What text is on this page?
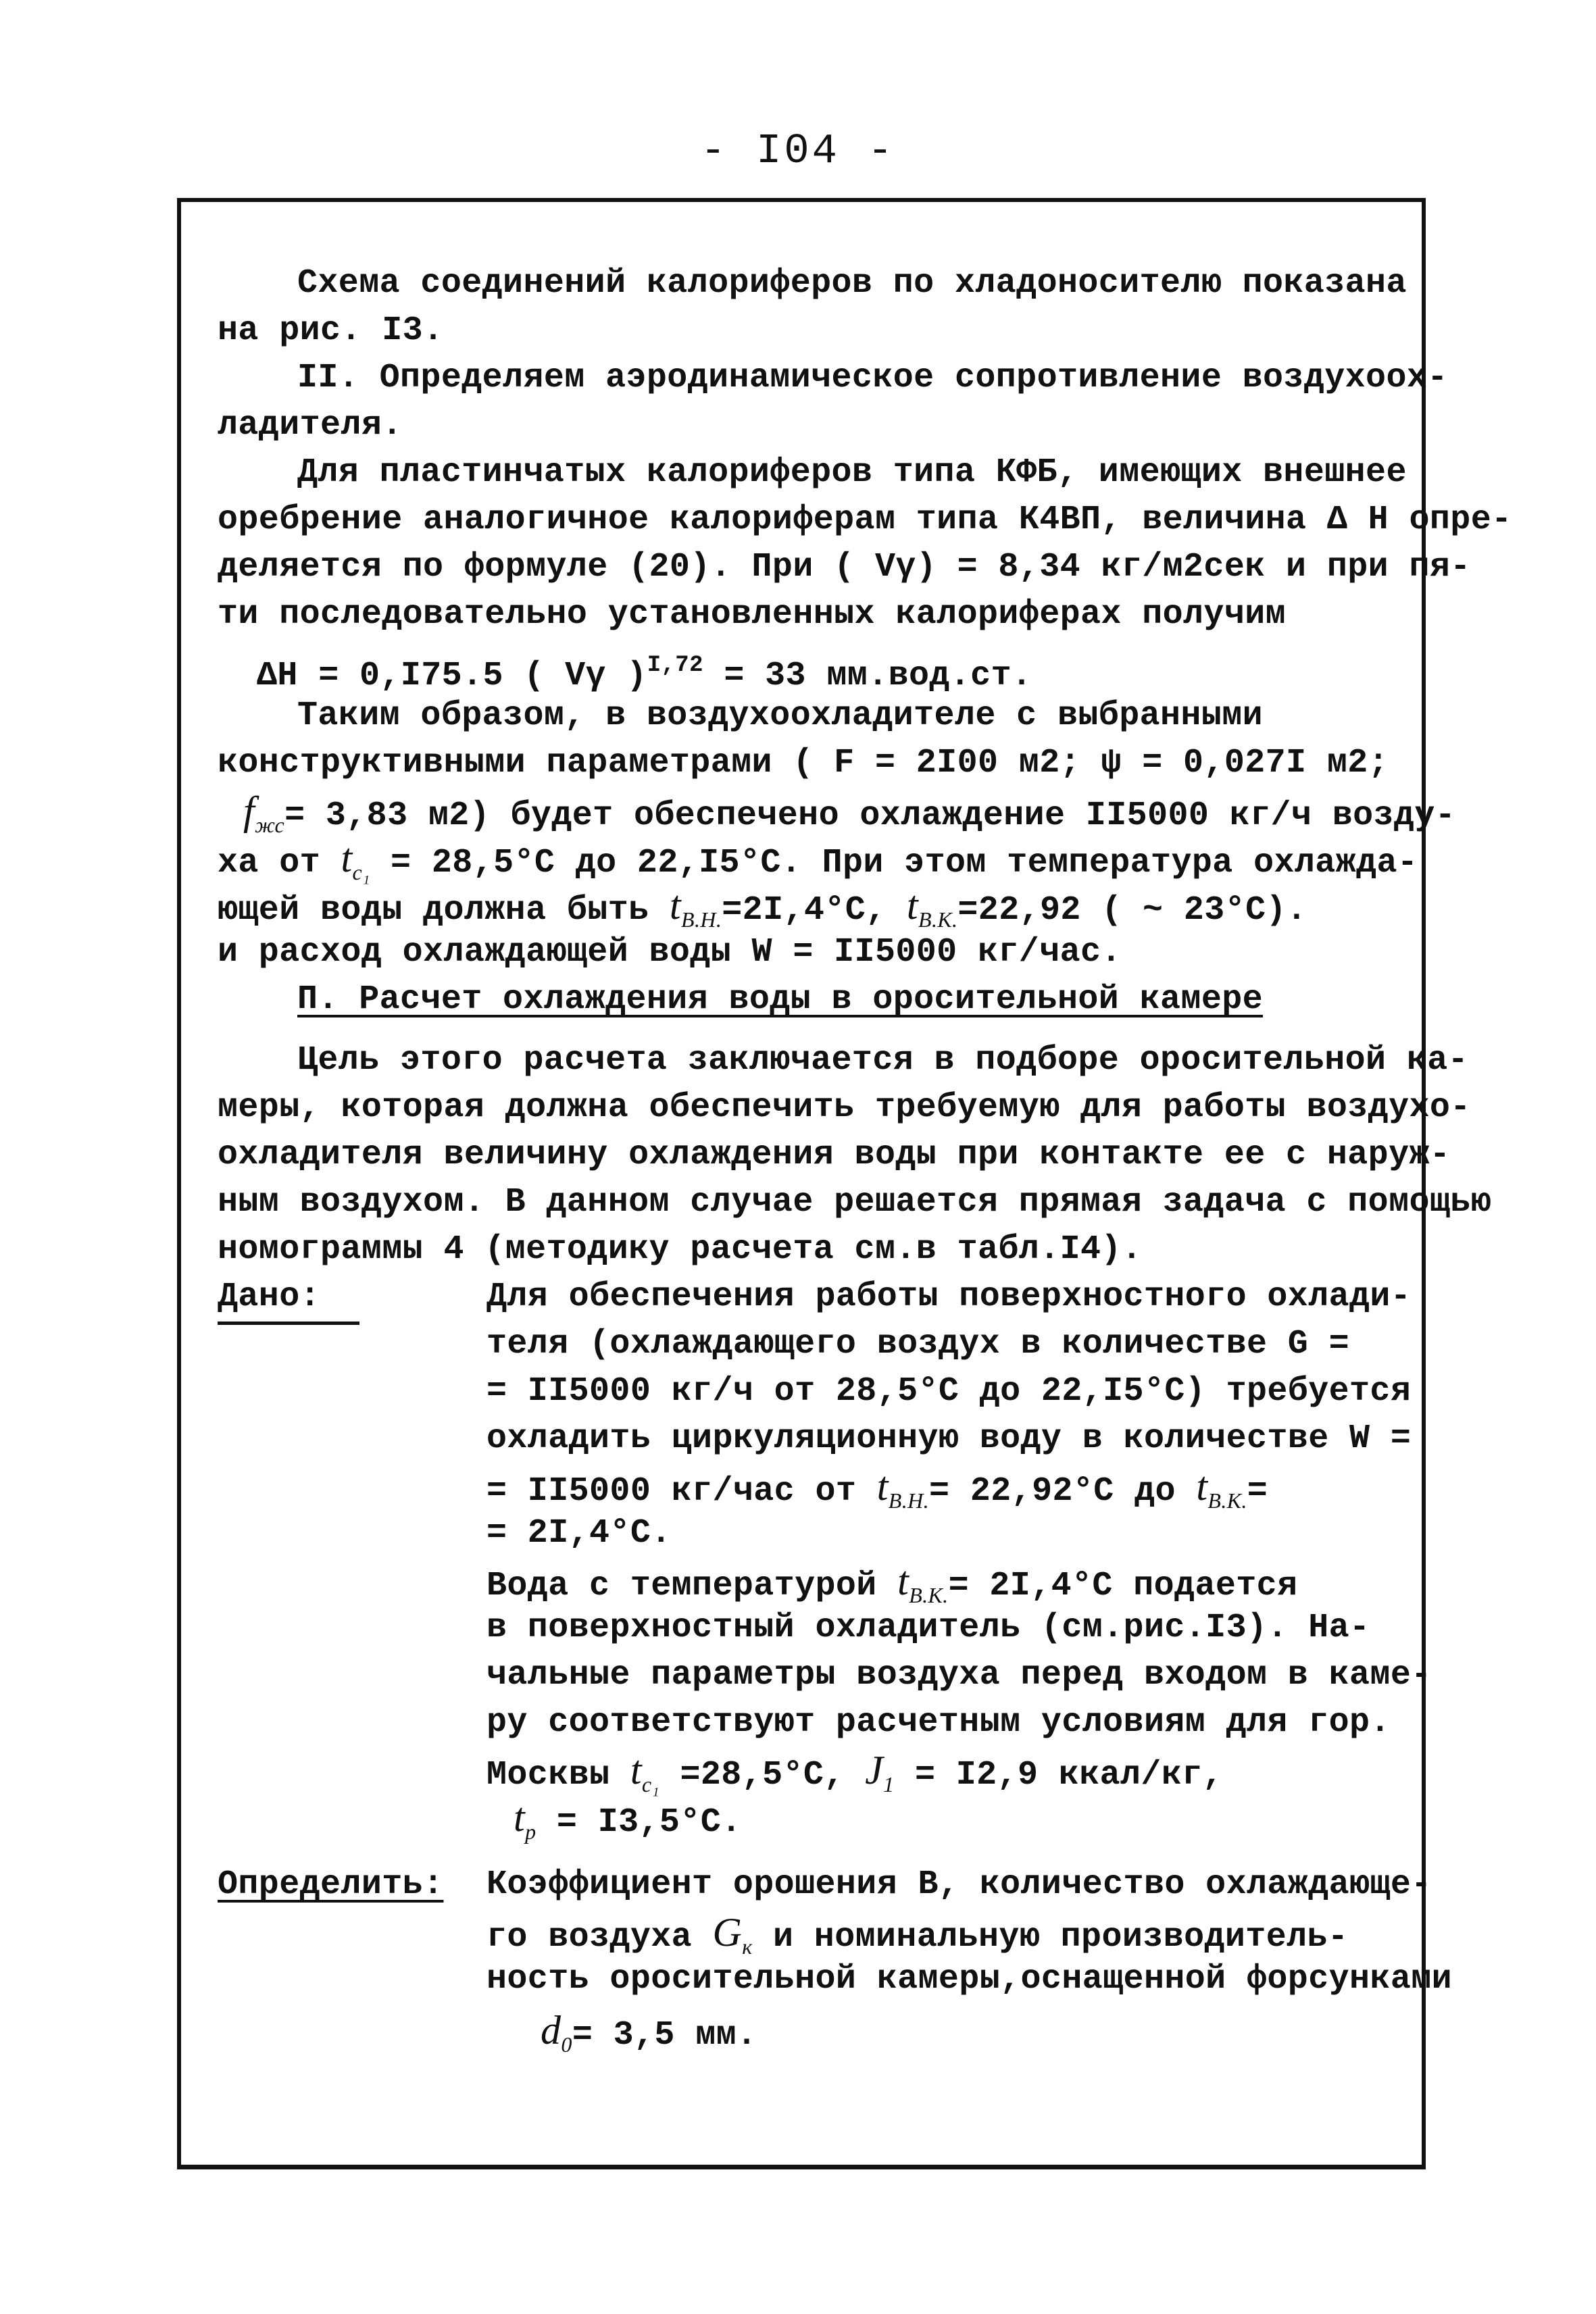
- I04 -
Схема соединений калориферов по хладоносителю показана
на рис. I3.
II. Определяем аэродинамическое сопротивление воздухоох-
ладителя.
Для пластинчатых калориферов типа КФБ, имеющих внешнее
оребрение аналогичное калориферам типа К4ВП, величина Δ Н опре-
деляется по формуле (20). При ( Vγ) = 8,34 кг/м2сек и при пя-
ти последовательно установленных калориферах получим
ΔН = 0,I75.5 ( Vγ )$^{I,72}$ = 33 мм.вод.ст.
Таким образом, в воздухоохладителе с выбранными
конструктивными параметрами ( F = 2I00 м2; ψ = 0,027I м2;
$f_{жс}= 3,83$ м2) будет обеспечено охлаждение II5000 кг/ч возду-
ха от $t_{c_1} = 28,5^\circ С$ до 22,I5°С. При этом температура охлажда-
ющей воды должна быть $t_{В.Н.}=2I,4^\circ С$, $t_{В.К.}=22,92$ ( ~ 23°С).
и расход охлаждающей воды W = II5000 кг/час.
П. Расчет охлаждения воды в оросительной камере
Цель этого расчета заключается в подборе оросительной ка-
меры, которая должна обеспечить требуемую для работы воздухо-
охладителя величину охлаждения воды при контакте ее с наруж-
ным воздухом. В данном случае решается прямая задача с помощью
номограммы 4 (методику расчета см.в табл.I4).
Дано:	Для обеспечения работы поверхностного охлади-
теля (охлаждающего воздух в количестве G =
= II5000 кг/ч от 28,5°С до 22,I5°С) требуется
охладить циркуляционную воду в количестве W =
= II5000 кг/час от $t_{В.Н.}= 22,92^\circ С$ до $t_{В.К.}=$
= 2I,4°С.
Вода с температурой $t_{В.К.}= 2I,4^\circ С$ подается
в поверхностный охладитель (см.рис.I3). На-
чальные параметры воздуха перед входом в каме-
ру соответствуют расчетным условиям для гор.
Москвы $t_{c_1} =28,5^\circ С$, $J_1 = I2,9$ ккал/кг,
$t_р = I3,5^\circ С$.
Определить: Коэффициент орошения В, количество охлаждающе-
го воздуха $G_к$ и номинальную производитель-
ность оросительной камеры,оснащенной форсунками
$d_0= 3,5$ мм.
